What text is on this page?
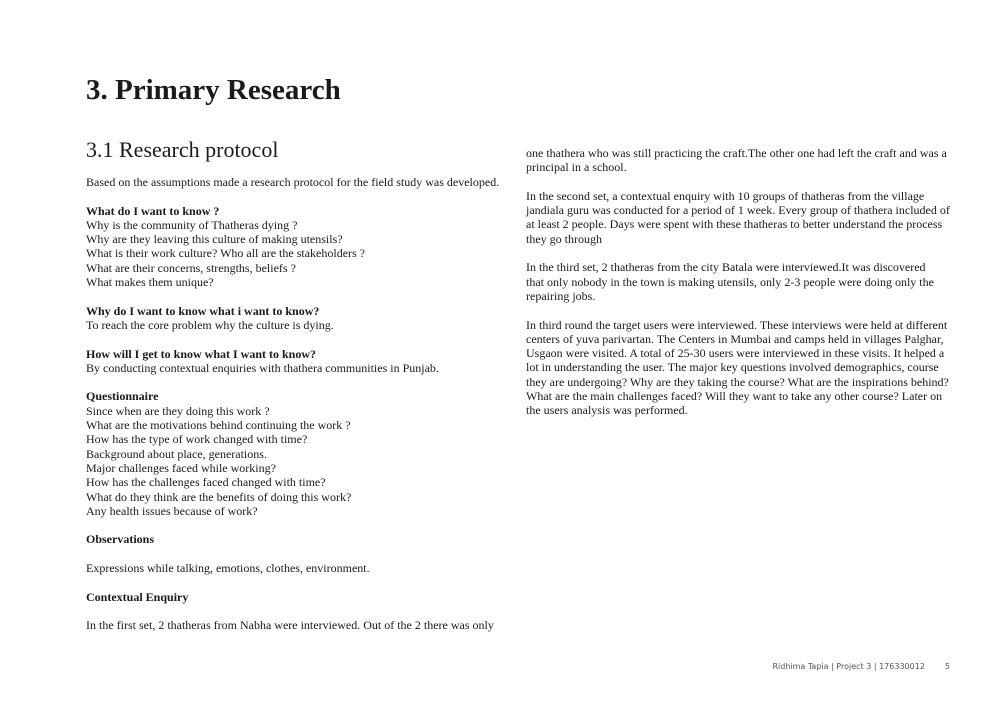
3. Primary Research
3.1 Research protocol
Based on the assumptions made a research protocol for the field study was developed.
What do I want to know ?
Why is the community of Thatheras dying ?
Why are they leaving this culture of making utensils?
What is their work culture? Who all are the stakeholders ?
What are their concerns, strengths, beliefs ?
What makes them unique?
Why do I want to know what i want to know?
To reach the core problem why the culture is dying.
How will I get to know what I want to know?
By conducting contextual enquiries with thathera communities in Punjab.
Questionnaire
Since when are they doing this work ?
What are the motivations behind continuing the work ?
How has the type of work changed with time?
Background about place, generations.
Major challenges faced while working?
How has the challenges faced changed with time?
What do they think are the benefits of doing this work?
Any health issues because of work?
Observations
Expressions while talking, emotions, clothes, environment.
Contextual Enquiry
In the first set, 2 thatheras from Nabha were interviewed. Out of the 2 there was only
one thathera who was still practicing the craft.The other one had left the craft and was a
principal in a school.
In the second set, a contextual enquiry with 10 groups of thatheras from the village
jandiala guru was conducted for a period of 1 week. Every group of thathera included of
at least 2 people. Days were spent with these thatheras to better understand the process
they go through
In the third set, 2 thatheras from the city Batala were interviewed.It was discovered
that only nobody in the town is making utensils, only 2-3 people were doing only the
repairing jobs.
In third round the target users were interviewed. These interviews were held at different
centers of yuva parivartan. The Centers in Mumbai and camps held in villages Palghar,
Usgaon were visited. A total of 25-30 users were interviewed in these visits. It helped a
lot in understanding the user. The major key questions involved demographics, course
they are undergoing? Why are they taking the course? What are the inspirations behind?
What are the main challenges faced? Will they want to take any other course? Later on
the users analysis was performed.
Ridhima Tapia | Project 3 | 176330012	5
